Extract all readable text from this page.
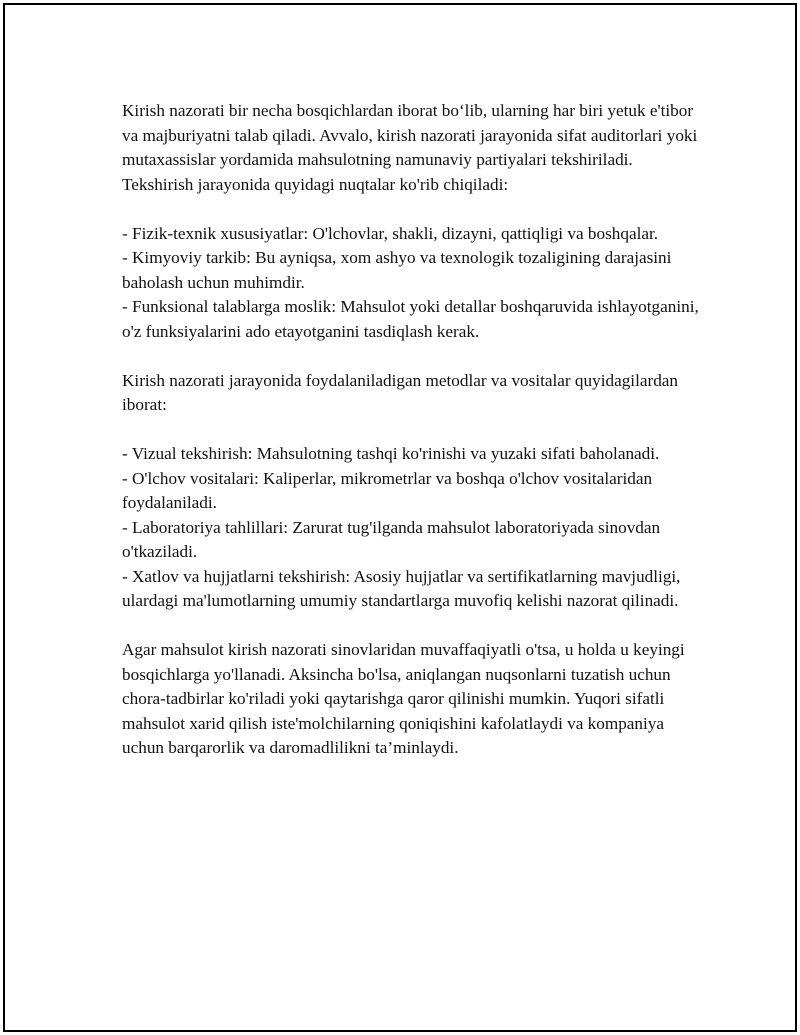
Kirish nazorati bir necha bosqichlardan iborat bo‘lib, ularning har biri yetuk e'tibor va majburiyatni talab qiladi. Avvalo, kirish nazorati jarayonida sifat auditorlari yoki mutaxassislar yordamida mahsulotning namunaviy partiyalari tekshiriladi. Tekshirish jarayonida quyidagi nuqtalar ko'rib chiqiladi:

- Fizik-texnik xususiyatlar: O'lchovlar, shakli, dizayni, qattiqligi va boshqalar.

- Kimyoviy tarkib: Bu ayniqsa, xom ashyo va texnologik tozaligining darajasini baholash uchun muhimdir.

- Funksional talablarga moslik: Mahsulot yoki detallar boshqaruvida ishlayotganini, o'z funksiyalarini ado etayotganini tasdiqlash kerak.

Kirish nazorati jarayonida foydalaniladigan metodlar va vositalar quyidagilardan iborat:

- Vizual tekshirish: Mahsulotning tashqi ko'rinishi va yuzaki sifati baholanadi.

- O'lchov vositalari: Kaliperlar, mikrometrlar va boshqa o'lchov vositalaridan foydalaniladi.

- Laboratoriya tahlillari: Zarurat tug'ilganda mahsulot laboratoriyada sinovdan o'tkaziladi.

- Xatlov va hujjatlarni tekshirish: Asosiy hujjatlar va sertifikatlarning mavjudligi, ulardagi ma'lumotlarning umumiy standartlarga muvofiq kelishi nazorat qilinadi.

Agar mahsulot kirish nazorati sinovlaridan muvaffaqiyatli o'tsa, u holda u keyingi bosqichlarga yo'llanadi. Aksincha bo'lsa, aniqlangan nuqsonlarni tuzatish uchun chora-tadbirlar ko'riladi yoki qaytarishga qaror qilinishi mumkin. Yuqori sifatli mahsulot xarid qilish iste'molchilarning qoniqishini kafolatlaydi va kompaniya uchun barqarorlik va daromadlilikni ta’minlaydi.
